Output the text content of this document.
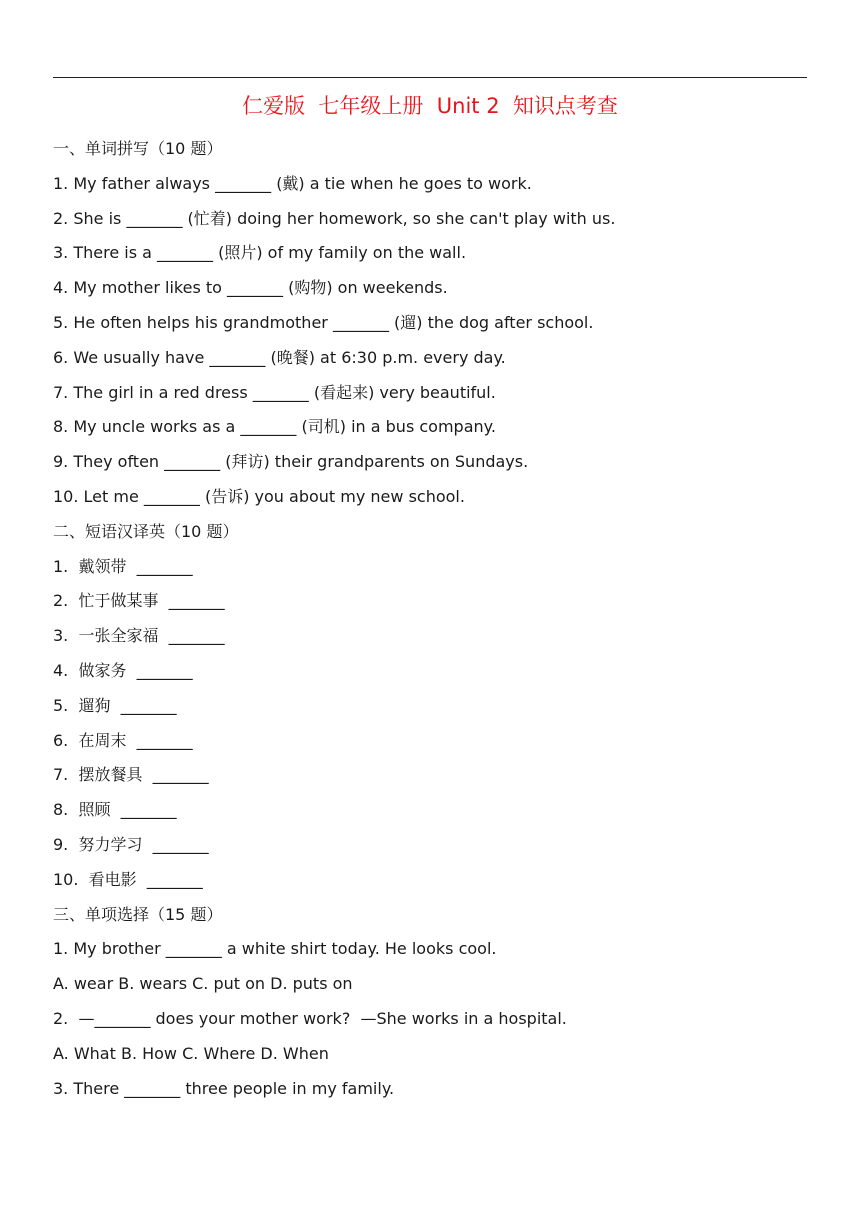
仁爱版  七年级上册  Unit 2  知识点考查
一、单词拼写（10 题）
1. My father always _______ (戴) a tie when he goes to work.
2. She is _______ (忙着) doing her homework, so she can't play with us.
3. There is a _______ (照片) of my family on the wall.
4. My mother likes to _______ (购物) on weekends.
5. He often helps his grandmother _______ (遛) the dog after school.
6. We usually have _______ (晚餐) at 6:30 p.m. every day.
7. The girl in a red dress _______ (看起来) very beautiful.
8. My uncle works as a _______ (司机) in a bus company.
9. They often _______ (拜访) their grandparents on Sundays.
10. Let me _______ (告诉) you about my new school.
二、短语汉译英（10 题）
1.  戴领带  _______
2.  忙于做某事  _______
3.  一张全家福  _______
4.  做家务  _______
5.  遛狗  _______
6.  在周末  _______
7.  摆放餐具  _______
8.  照顾  _______
9.  努力学习  _______
10.  看电影  _______
三、单项选择（15 题）
1. My brother _______ a white shirt today. He looks cool.
A. wear B. wears C. put on D. puts on
2.  —_______ does your mother work?  —She works in a hospital.
A. What B. How C. Where D. When
3. There _______ three people in my family.
